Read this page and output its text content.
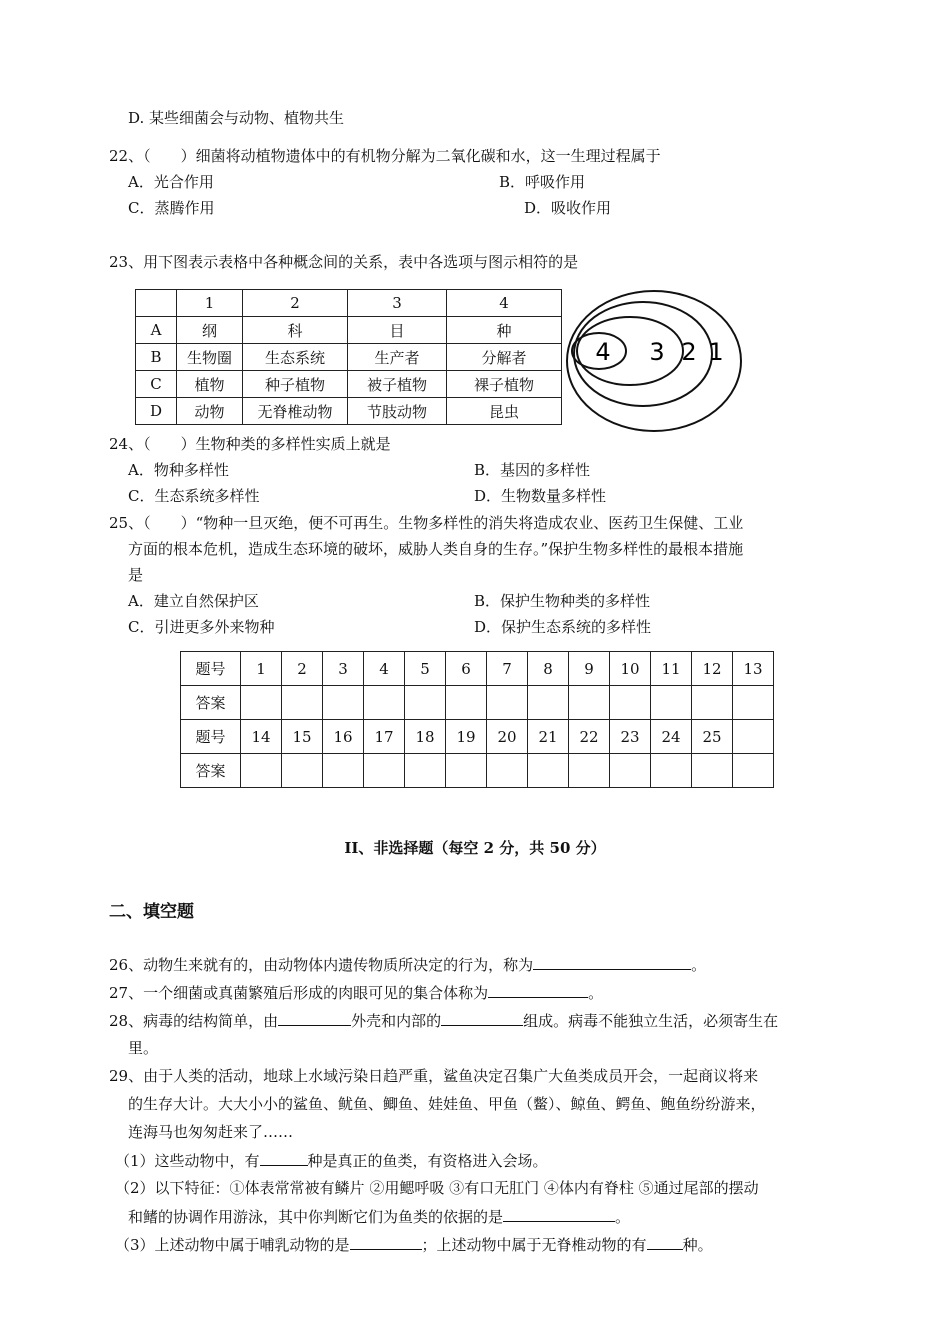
D. 某些细菌会与动物、植物共生
22、（　　）细菌将动植物遗体中的有机物分解为二氧化碳和水，这一生理过程属于
A．光合作用	B．呼吸作用
C．蒸腾作用	D．吸收作用
23、用下图表示表格中各种概念间的关系，表中各选项与图示相符的是
	1	2	3	4
A	纲	科	目	种
B	生物圈	生态系统	生产者	分解者
C	植物	种子植物	被子植物	裸子植物
D	动物	无脊椎动物	节肢动物	昆虫
4 3 2 1
24、（　　）生物种类的多样性实质上就是
A．物种多样性	B．基因的多样性
C．生态系统多样性	D．生物数量多样性
25、（　　）“物种一旦灭绝，便不可再生。生物多样性的消失将造成农业、医药卫生保健、工业
方面的根本危机，造成生态环境的破坏，威胁人类自身的生存。”保护生物多样性的最根本措施
是
A．建立自然保护区	B．保护生物种类的多样性
C．引进更多外来物种	D．保护生态系统的多样性
题号	1	2	3	4	5	6	7	8	9	10	11	12	13
答案													
题号	14	15	16	17	18	19	20	21	22	23	24	25	
答案													
II、非选择题（每空 2 分，共 50 分）
二、填空题
26、动物生来就有的，由动物体内遗传物质所决定的行为，称为	。
27、一个细菌或真菌繁殖后形成的肉眼可见的集合体称为	。
28、病毒的结构简单，由	外壳和内部的	组成。病毒不能独立生活，必须寄生在
里。
29、由于人类的活动，地球上水域污染日趋严重，鲨鱼决定召集广大鱼类成员开会，一起商议将来
的生存大计。大大小小的鲨鱼、鱿鱼、鲫鱼、娃娃鱼、甲鱼（鳖）、鲸鱼、鳄鱼、鲍鱼纷纷游来，
连海马也匆匆赶来了……
（1）这些动物中，有	种是真正的鱼类，有资格进入会场。
（2）以下特征：①体表常常被有鳞片 ②用鳃呼吸 ③有口无肛门 ④体内有脊柱 ⑤通过尾部的摆动
和鳍的协调作用游泳，其中你判断它们为鱼类的依据的是	。
（3）上述动物中属于哺乳动物的是	；上述动物中属于无脊椎动物的有 种。
